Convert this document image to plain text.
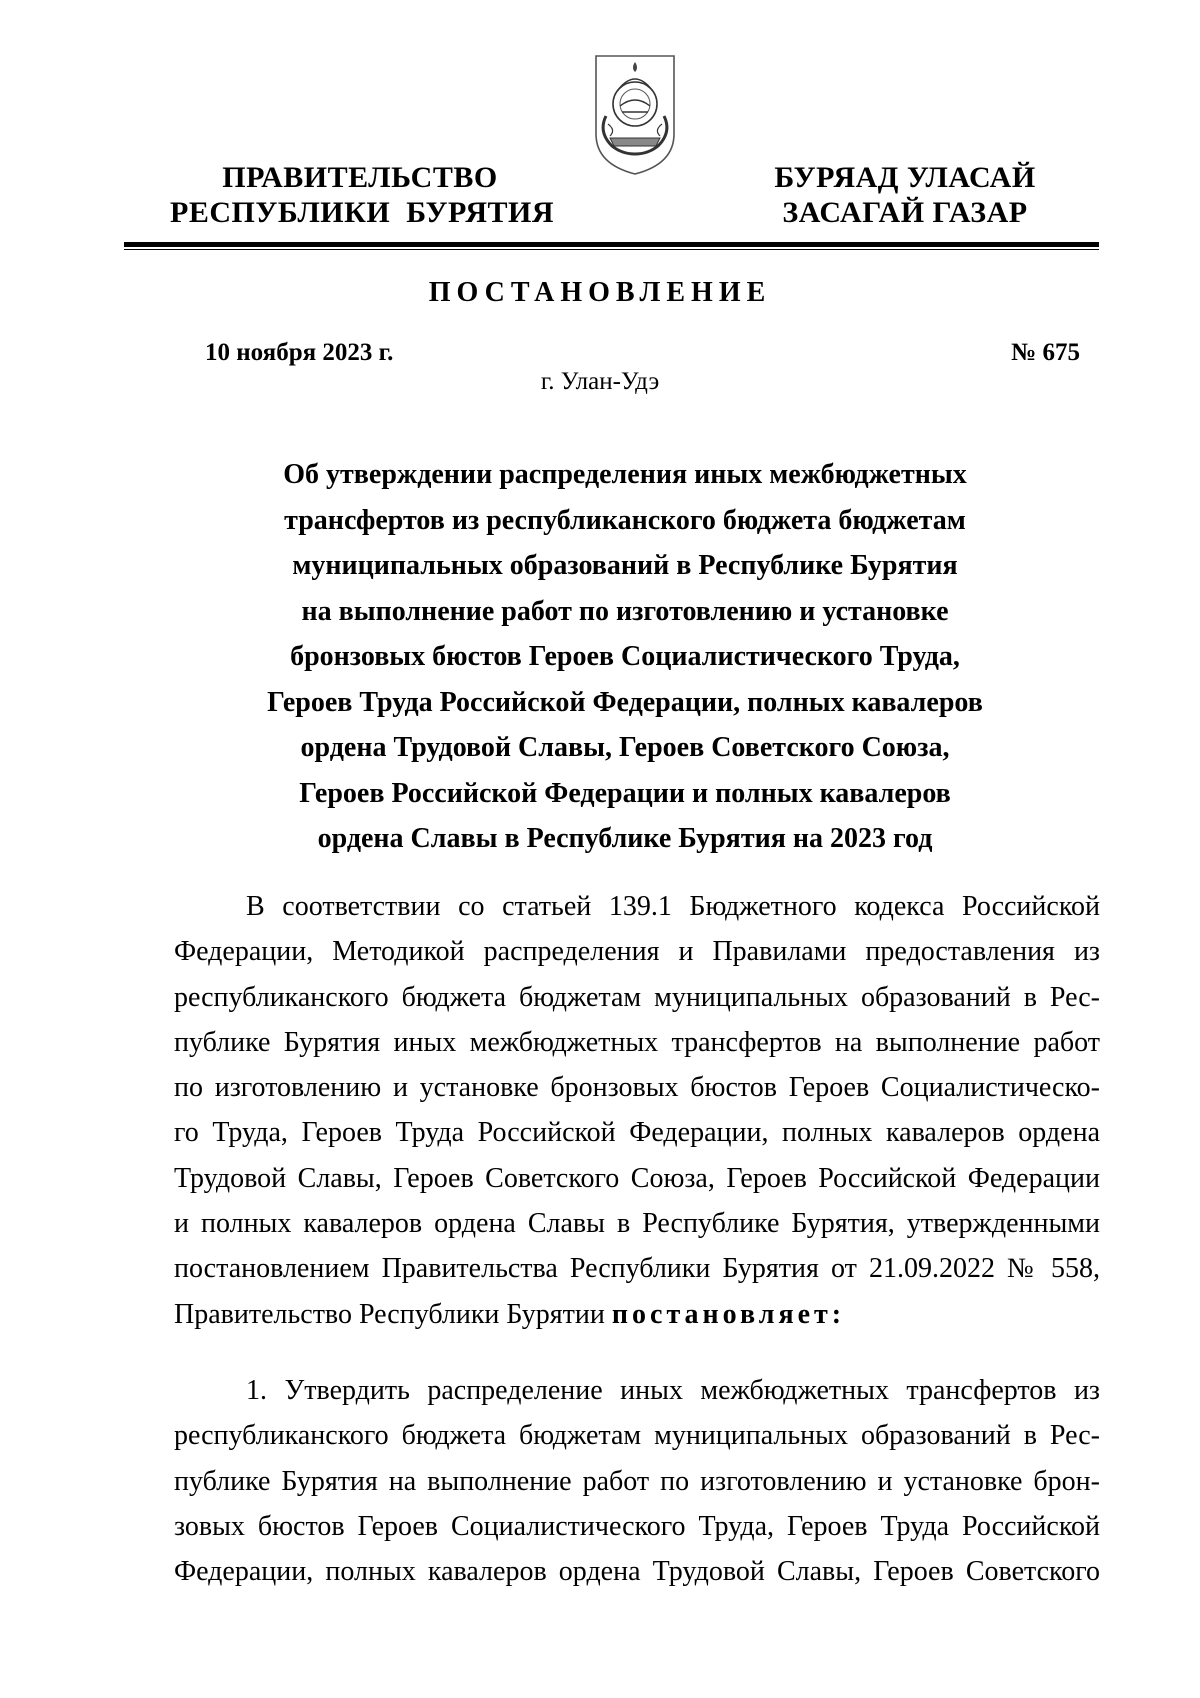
ПРАВИТЕЛЬСТВО
РЕСПУБЛИКИ  БУРЯТИЯ
БУРЯАД УЛАСАЙ
ЗАСАГАЙ ГАЗАР
ПОСТАНОВЛЕНИЕ
10 ноября 2023 г.	№ 675
г. Улан-Удэ
Об утверждении распределения иных межбюджетных
трансфертов из республиканского бюджета бюджетам
муниципальных образований в Республике Бурятия
на выполнение работ по изготовлению и установке
бронзовых бюстов Героев Социалистического Труда,
Героев Труда Российской Федерации, полных кавалеров
ордена Трудовой Славы, Героев Советского Союза,
Героев Российской Федерации и полных кавалеров
ордена Славы в Республике Бурятия на 2023 год
В соответствии со статьей 139.1 Бюджетного кодекса Российской
Федерации, Методикой распределения и Правилами предоставления из
республиканского бюджета бюджетам муниципальных образований в Рес-
публике Бурятия иных межбюджетных трансфертов на выполнение работ
по изготовлению и установке бронзовых бюстов Героев Социалистическо-
го Труда, Героев Труда Российской Федерации, полных кавалеров ордена
Трудовой Славы, Героев Советского Союза, Героев Российской Федерации
и полных кавалеров ордена Славы в Республике Бурятия, утвержденными
постановлением Правительства Республики Бурятия от 21.09.2022 № 558,
Правительство Республики Бурятии постановляет:
1. Утвердить распределение иных межбюджетных трансфертов из
республиканского бюджета бюджетам муниципальных образований в Рес-
публике Бурятия на выполнение работ по изготовлению и установке брон-
зовых бюстов Героев Социалистического Труда, Героев Труда Российской
Федерации, полных кавалеров ордена Трудовой Славы, Героев Советского
